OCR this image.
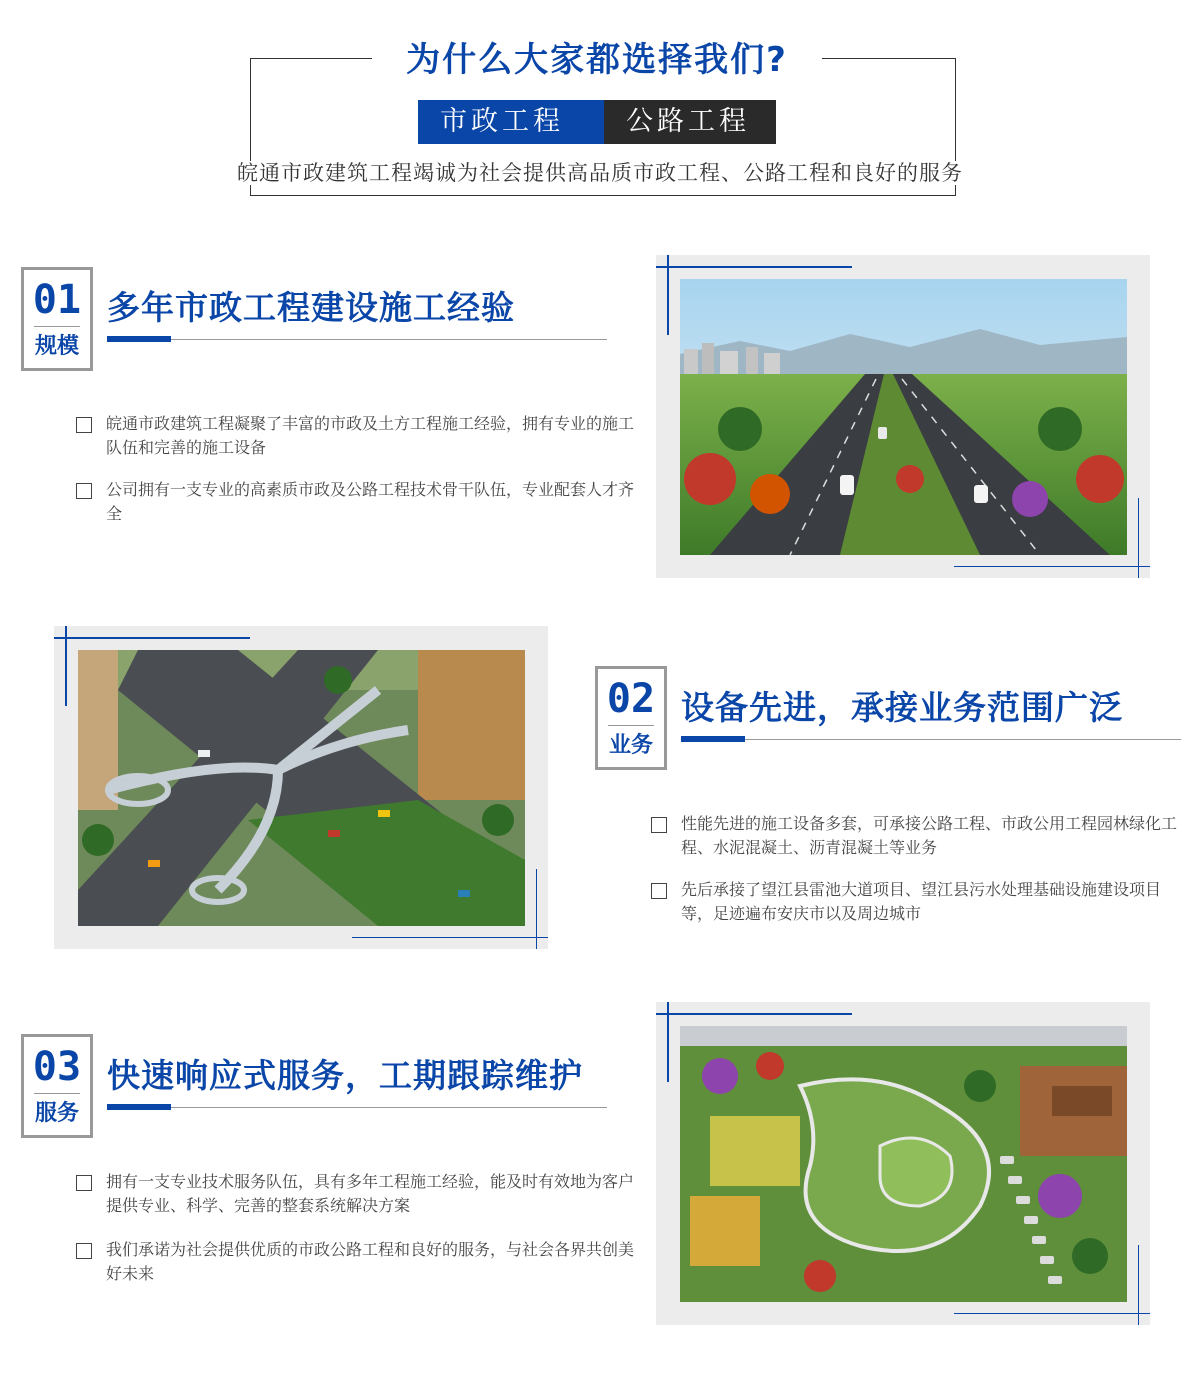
为什么大家都选择我们?
市政工程	公路工程
皖通市政建筑工程竭诚为社会提供高品质市政工程、公路工程和良好的服务
01
规模
多年市政工程建设施工经验
皖通市政建筑工程凝聚了丰富的市政及土方工程施工经验，拥有专业的施工队伍和完善的施工设备
公司拥有一支专业的高素质市政及公路工程技术骨干队伍，专业配套人才齐全
02
业务
设备先进，承接业务范围广泛
性能先进的施工设备多套，可承接公路工程、市政公用工程园林绿化工程、水泥混凝土、沥青混凝土等业务
先后承接了望江县雷池大道项目、望江县污水处理基础设施建设项目等，足迹遍布安庆市以及周边城市
03
服务
快速响应式服务，工期跟踪维护
拥有一支专业技术服务队伍，具有多年工程施工经验，能及时有效地为客户提供专业、科学、完善的整套系统解决方案
我们承诺为社会提供优质的市政公路工程和良好的服务，与社会各界共创美好未来
